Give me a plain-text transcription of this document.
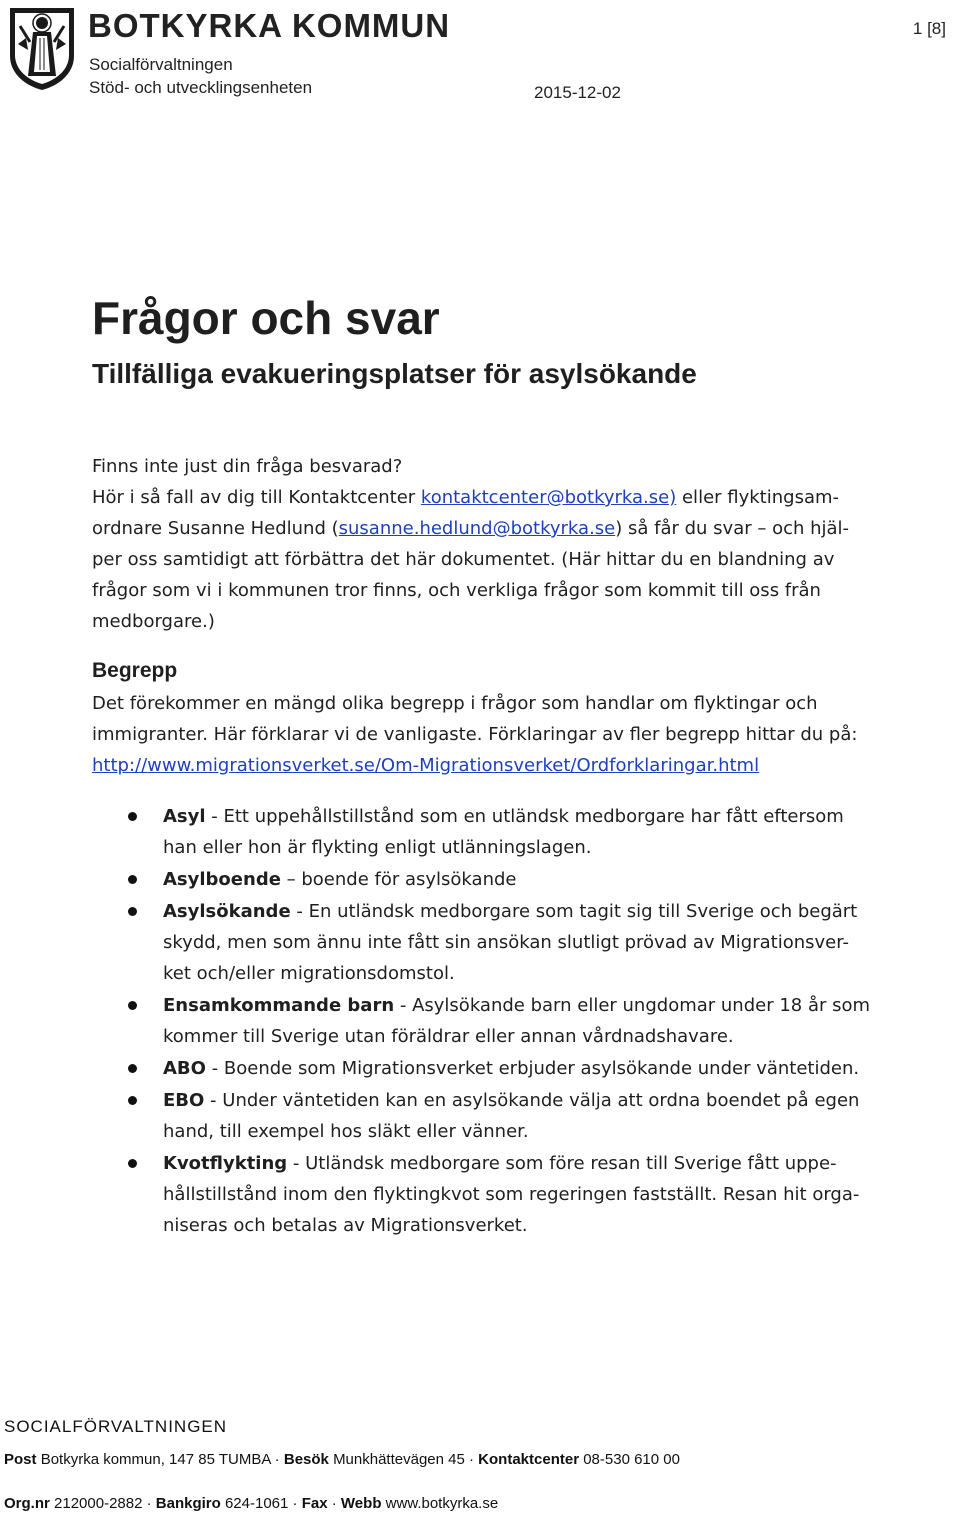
BOTKYRKA KOMMUN
Socialförvaltningen
Stöd- och utvecklingsenheten	2015-12-02
1 [8]
Frågor och svar
Tillfälliga evakueringsplatser för asylsökande
Finns inte just din fråga besvarad?
Hör i så fall av dig till Kontaktcenter kontaktcenter@botkyrka.se) eller flyktingsam-ordnare Susanne Hedlund (susanne.hedlund@botkyrka.se) så får du svar – och hjäl-per oss samtidigt att förbättra det här dokumentet. (Här hittar du en blandning av frågor som vi i kommunen tror finns, och verkliga frågor som kommit till oss från medborgare.)
Begrepp
Det förekommer en mängd olika begrepp i frågor som handlar om flyktingar och immigranter. Här förklarar vi de vanligaste. Förklaringar av fler begrepp hittar du på: http://www.migrationsverket.se/Om-Migrationsverket/Ordforklaringar.html
Asyl - Ett uppehållstillstånd som en utländsk medborgare har fått eftersom han eller hon är flykting enligt utlänningslagen.
Asylboende – boende för asylsökande
Asylsökande - En utländsk medborgare som tagit sig till Sverige och begärt skydd, men som ännu inte fått sin ansökan slutligt prövad av Migrationsver-ket och/eller migrationsdomstol.
Ensamkommande barn - Asylsökande barn eller ungdomar under 18 år som kommer till Sverige utan föräldrar eller annan vårdnadshavare.
ABO - Boende som Migrationsverket erbjuder asylsökande under väntetiden.
EBO - Under väntetiden kan en asylsökande välja att ordna boendet på egen hand, till exempel hos släkt eller vänner.
Kvotflykting - Utländsk medborgare som före resan till Sverige fått uppe-hållstillstånd inom den flyktingkvot som regeringen fastställt. Resan hit orga-niseras och betalas av Migrationsverket.
SOCIALFÖRVALTNINGEN
Post Botkyrka kommun, 147 85 TUMBA · Besök Munkhättevägen 45 · Kontaktcenter 08-530 610 00
Org.nr 212000-2882 · Bankgiro 624-1061 · Fax · Webb www.botkyrka.se
